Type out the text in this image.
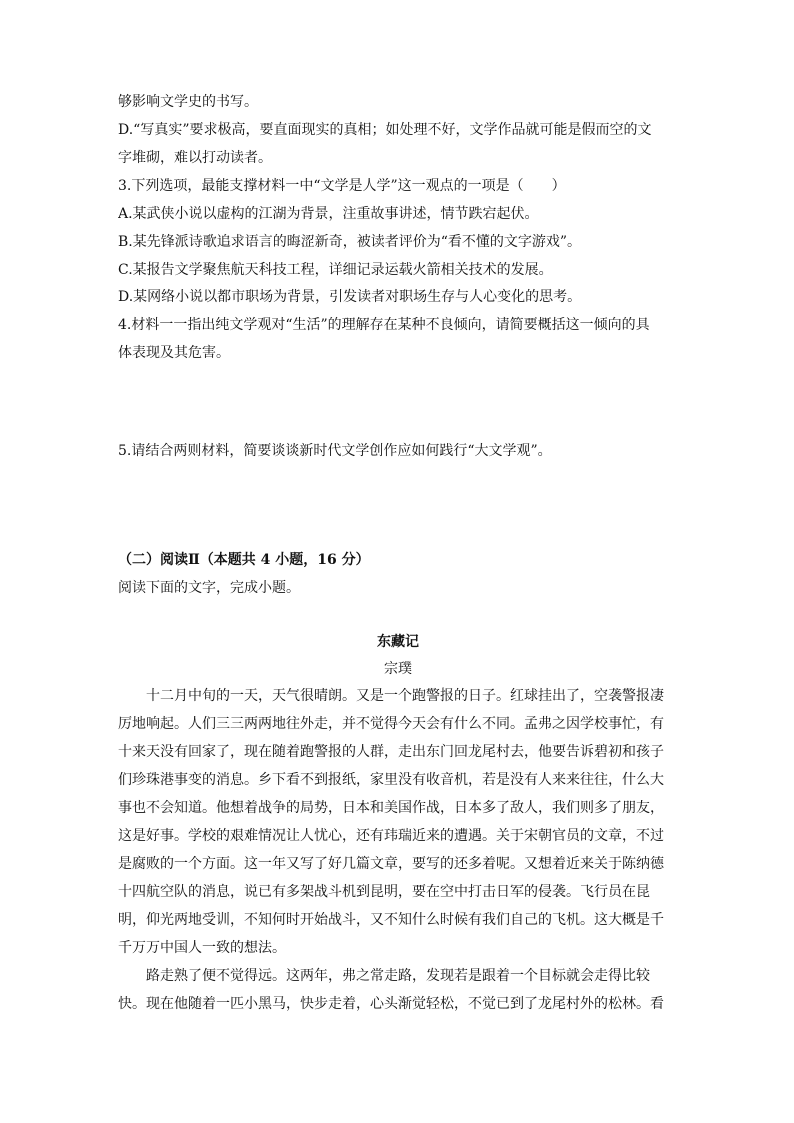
够影响文学史的书写。
D.“写真实”要求极高，要直面现实的真相；如处理不好，文学作品就可能是假而空的文
字堆砌，难以打动读者。
3.下列选项，最能支撑材料一中“文学是人学”这一观点的一项是（　　）
A.某武侠小说以虚构的江湖为背景，注重故事讲述，情节跌宕起伏。
B.某先锋派诗歌追求语言的晦涩新奇，被读者评价为“看不懂的文字游戏”。
C.某报告文学聚焦航天科技工程，详细记录运载火箭相关技术的发展。
D.某网络小说以都市职场为背景，引发读者对职场生存与人心变化的思考。
4.材料一一指出纯文学观对“生活”的理解存在某种不良倾向，请简要概括这一倾向的具
体表现及其危害。
5.请结合两则材料，简要谈谈新时代文学创作应如何践行“大文学观”。
（二）阅读Ⅱ（本题共 4 小题，16 分）
阅读下面的文字，完成小题。
东藏记
宗璞
十二月中旬的一天，天气很晴朗。又是一个跑警报的日子。红球挂出了，空袭警报凄
厉地响起。人们三三两两地往外走，并不觉得今天会有什么不同。孟弗之因学校事忙，有
十来天没有回家了，现在随着跑警报的人群，走出东门回龙尾村去，他要告诉碧初和孩子
们珍珠港事变的消息。乡下看不到报纸，家里没有收音机，若是没有人来来往往，什么大
事也不会知道。他想着战争的局势，日本和美国作战，日本多了敌人，我们则多了朋友，
这是好事。学校的艰难情况让人忧心，还有玮瑞近来的遭遇。关于宋朝官员的文章，不过
是腐败的一个方面。这一年又写了好几篇文章，要写的还多着呢。又想着近来关于陈纳德
十四航空队的消息，说已有多架战斗机到昆明，要在空中打击日军的侵袭。飞行员在昆
明，仰光两地受训，不知何时开始战斗，又不知什么时候有我们自己的飞机。这大概是千
千万万中国人一致的想法。
路走熟了便不觉得远。这两年，弗之常走路，发现若是跟着一个目标就会走得比较
快。现在他随着一匹小黑马，快步走着，心头渐觉轻松，不觉已到了龙尾村外的松林。看
